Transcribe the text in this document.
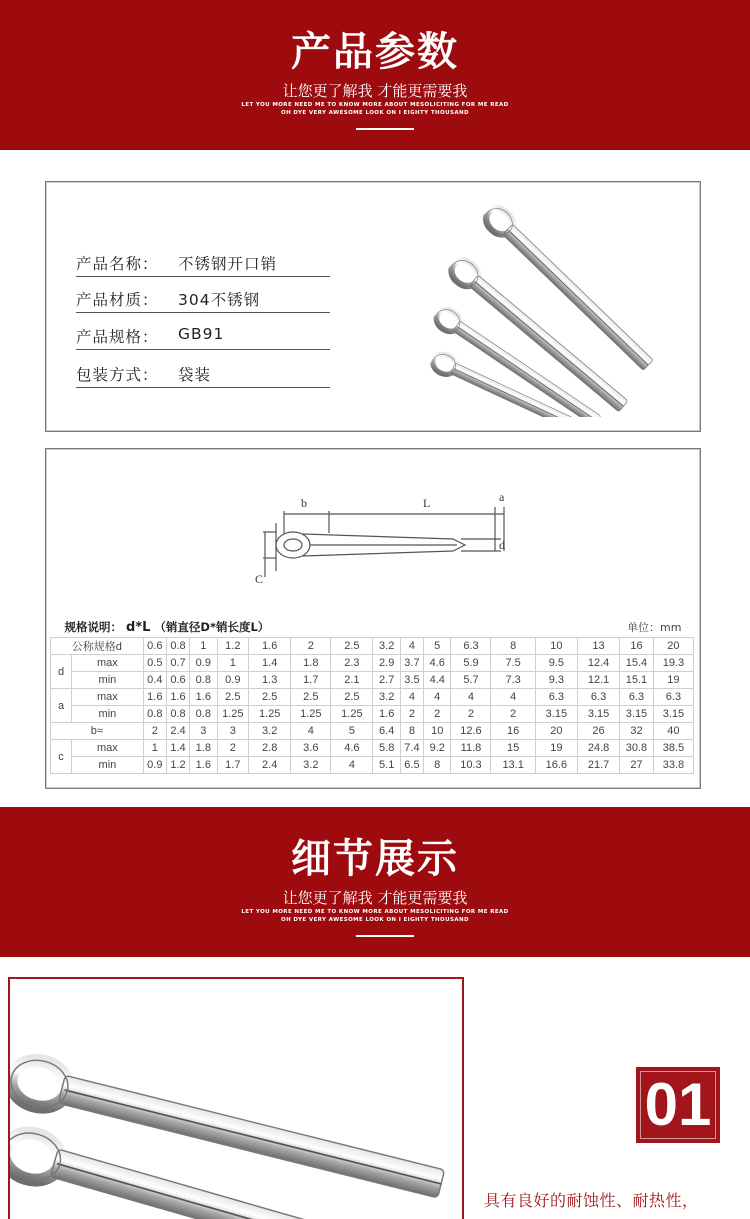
产品参数
让您更了解我 才能更需要我
LET YOU MORE NEED ME TO KNOW MORE ABOUT MESOLICITING FOR ME READ
OH DYE VERY AWESOME LOOK ON I EIGHTY THOUSAND
产品名称： 不锈钢开口销
产品材质： 304不锈钢
产品规格： GB91
包装方式： 袋装
b	L	a
d
C
规格说明： d*L （销直径D*销长度L）														单位：mm			
公称规格d		0.6	0.8	1	1.2	1.6	2	2.5	3.2	4	5	6.3	8	10	13	16	20
d	max	0.5	0.7	0.9	1	1.4	1.8	2.3	2.9	3.7	4.6	5.9	7.5	9.5	12.4	15.4	19.3
	min	0.4	0.6	0.8	0.9	1.3	1.7	2.1	2.7	3.5	4.4	5.7	7.3	9.3	12.1	15.1	19
a	max	1.6	1.6	1.6	2.5	2.5	2.5	2.5	3.2	4	4	4	4	6.3	6.3	6.3	6.3
	min	0.8	0.8	0.8	1.25	1.25	1.25	1.25	1.6	2	2	2	2	3.15	3.15	3.15	3.15
b≈		2	2.4	3	3	3.2	4	5	6.4	8	10	12.6	16	20	26	32	40
c	max	1	1.4	1.8	2	2.8	3.6	4.6	5.8	7.4	9.2	11.8	15	19	24.8	30.8	38.5
	min	0.9	1.2	1.6	1.7	2.4	3.2	4	5.1	6.5	8	10.3	13.1	16.6	21.7	27	33.8
细节展示
让您更了解我 才能更需要我
LET YOU MORE NEED ME TO KNOW MORE ABOUT MESOLICITING FOR ME READ
OH DYE VERY AWESOME LOOK ON I EIGHTY THOUSAND
01
具有良好的耐蚀性、耐热性，
